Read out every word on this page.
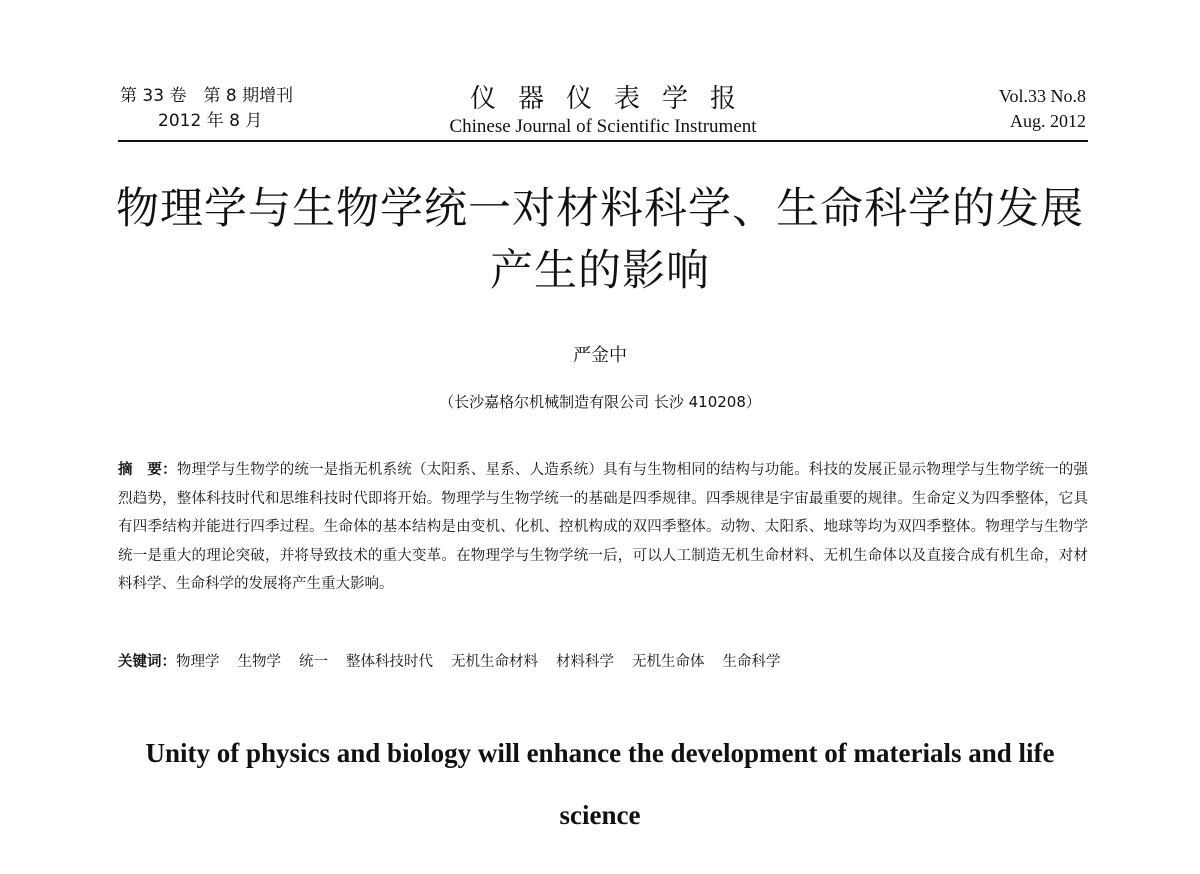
第 33 卷　第 8 期增刊
2012 年 8 月
仪器仪表学报
Chinese Journal of Scientific Instrument
Vol.33 No.8
Aug. 2012
物理学与生物学统一对材料科学、生命科学的发展
产生的影响
严金中
（长沙嘉格尔机械制造有限公司 长沙 410208）
摘　要：物理学与生物学的统一是指无机系统（太阳系、星系、人造系统）具有与生物相同的结构与功能。科技的发展正显示物理学与生物学统一的强烈趋势，整体科技时代和思维科技时代即将开始。物理学与生物学统一的基础是四季规律。四季规律是宇宙最重要的规律。生命定义为四季整体，它具有四季结构并能进行四季过程。生命体的基本结构是由变机、化机、控机构成的双四季整体。动物、太阳系、地球等均为双四季整体。物理学与生物学统一是重大的理论突破，并将导致技术的重大变革。在物理学与生物学统一后，可以人工制造无机生命材料、无机生命体以及直接合成有机生命，对材料科学、生命科学的发展将产生重大影响。
关键词：物理学 生物学 统一 整体科技时代 无机生命材料 材料科学 无机生命体 生命科学
Unity of physics and biology will enhance the development of materials and life
science
